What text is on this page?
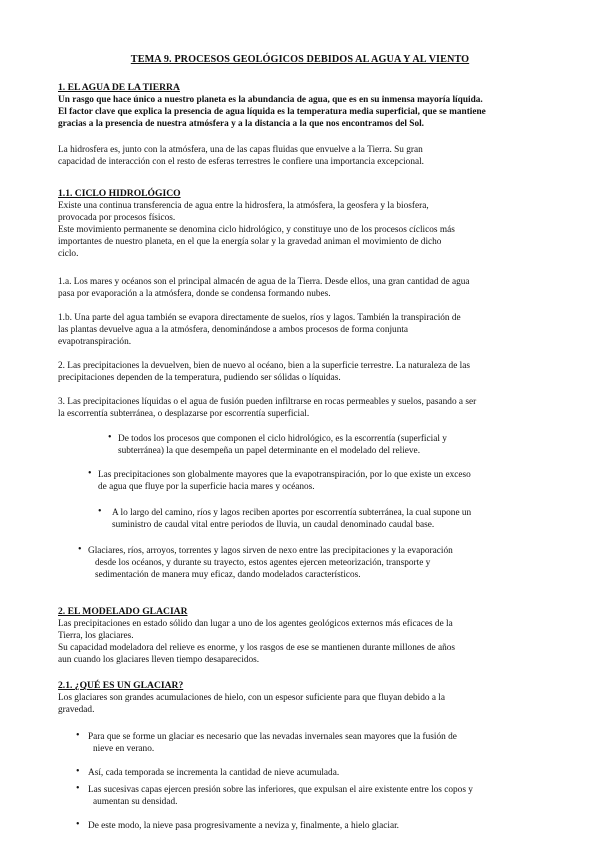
TEMA 9. PROCESOS GEOLÓGICOS DEBIDOS AL AGUA Y AL VIENTO
1. EL AGUA DE LA TIERRA
Un rasgo que hace único a nuestro planeta es la abundancia de agua, que es en su inmensa mayoría líquida.
El factor clave que explica la presencia de agua líquida es la temperatura media superficial, que se mantiene
gracias a la presencia de nuestra atmósfera y a la distancia a la que nos encontramos del Sol.
La hidrosfera es, junto con la atmósfera, una de las capas fluidas que envuelve a la Tierra. Su gran
capacidad de interacción con el resto de esferas terrestres le confiere una importancia excepcional.
1.1. CICLO HIDROLÓGICO
Existe una continua transferencia de agua entre la hidrosfera, la atmósfera, la geosfera y la biosfera,
provocada por procesos físicos.
Este movimiento permanente se denomina ciclo hidrológico, y constituye uno de los procesos cíclicos más
importantes de nuestro planeta, en el que la energía solar y la gravedad animan el movimiento de dicho
ciclo.
1.a. Los mares y océanos son el principal almacén de agua de la Tierra. Desde ellos, una gran cantidad de agua
pasa por evaporación a la atmósfera, donde se condensa formando nubes.
1.b. Una parte del agua también se evapora directamente de suelos, ríos y lagos. También la transpiración de
las plantas devuelve agua a la atmósfera, denominándose a ambos procesos de forma conjunta
evapotranspiración.
2. Las precipitaciones la devuelven, bien de nuevo al océano, bien a la superficie terrestre. La naturaleza de las
precipitaciones dependen de la temperatura, pudiendo ser sólidas o líquidas.
3. Las precipitaciones líquidas o el agua de fusión pueden infiltrarse en rocas permeables y suelos, pasando a ser
la escorrentía subterránea, o desplazarse por escorrentía superficial.
• De todos los procesos que componen el ciclo hidrológico, es la escorrentía (superficial y
subterránea) la que desempeña un papel determinante en el modelado del relieve.
• Las precipitaciones son globalmente mayores que la evapotranspiración, por lo que existe un exceso
de agua que fluye por la superficie hacia mares y océanos.
• A lo largo del camino, ríos y lagos reciben aportes por escorrentía subterránea, la cual supone un
suministro de caudal vital entre periodos de lluvia, un caudal denominado caudal base.
• Glaciares, ríos, arroyos, torrentes y lagos sirven de nexo entre las precipitaciones y la evaporación
desde los océanos, y durante su trayecto, estos agentes ejercen meteorización, transporte y
sedimentación de manera muy eficaz, dando modelados característicos.
2. EL MODELADO GLACIAR
Las precipitaciones en estado sólido dan lugar a uno de los agentes geológicos externos más eficaces de la
Tierra, los glaciares.
Su capacidad modeladora del relieve es enorme, y los rasgos de ese se mantienen durante millones de años
aun cuando los glaciares lleven tiempo desaparecidos.
2.1. ¿QUÉ ES UN GLACIAR?
Los glaciares son grandes acumulaciones de hielo, con un espesor suficiente para que fluyan debido a la
gravedad.
• Para que se forme un glaciar es necesario que las nevadas invernales sean mayores que la fusión de
nieve en verano.
• Así, cada temporada se incrementa la cantidad de nieve acumulada.
• Las sucesivas capas ejercen presión sobre las inferiores, que expulsan el aire existente entre los copos y
aumentan su densidad.
• De este modo, la nieve pasa progresivamente a neviza y, finalmente, a hielo glaciar.
